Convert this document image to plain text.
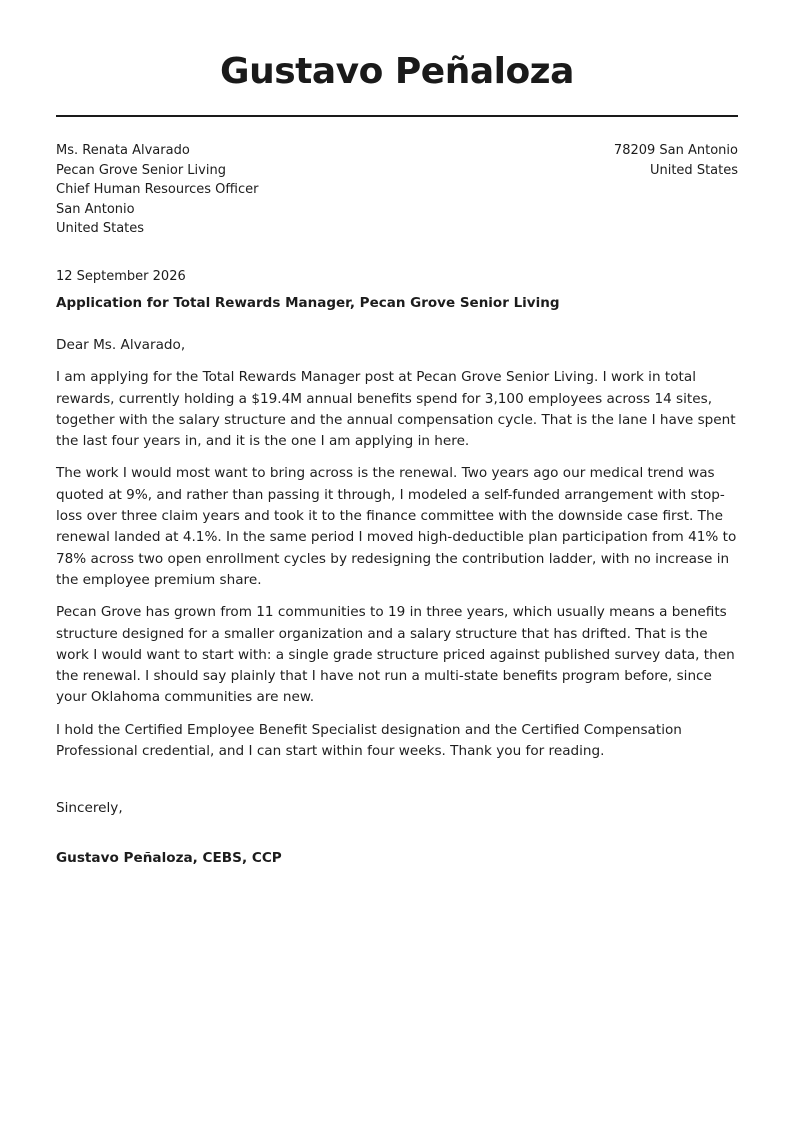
Gustavo Peñaloza
Ms. Renata Alvarado
Pecan Grove Senior Living
Chief Human Resources Officer
San Antonio
United States
78209 San Antonio
United States
12 September 2026
Application for Total Rewards Manager, Pecan Grove Senior Living

Dear Ms. Alvarado,

I am applying for the Total Rewards Manager post at Pecan Grove Senior Living. I work in total rewards, currently holding a $19.4M annual benefits spend for 3,100 employees across 14 sites, together with the salary structure and the annual compensation cycle. That is the lane I have spent the last four years in, and it is the one I am applying in here.

The work I would most want to bring across is the renewal. Two years ago our medical trend was quoted at 9%, and rather than passing it through, I modeled a self-funded arrangement with stop-loss over three claim years and took it to the finance committee with the downside case first. The renewal landed at 4.1%. In the same period I moved high-deductible plan participation from 41% to 78% across two open enrollment cycles by redesigning the contribution ladder, with no increase in the employee premium share.

Pecan Grove has grown from 11 communities to 19 in three years, which usually means a benefits structure designed for a smaller organization and a salary structure that has drifted. That is the work I would want to start with: a single grade structure priced against published survey data, then the renewal. I should say plainly that I have not run a multi-state benefits program before, since your Oklahoma communities are new.

I hold the Certified Employee Benefit Specialist designation and the Certified Compensation Professional credential, and I can start within four weeks. Thank you for reading.

Sincerely,
Gustavo Peñaloza, CEBS, CCP
